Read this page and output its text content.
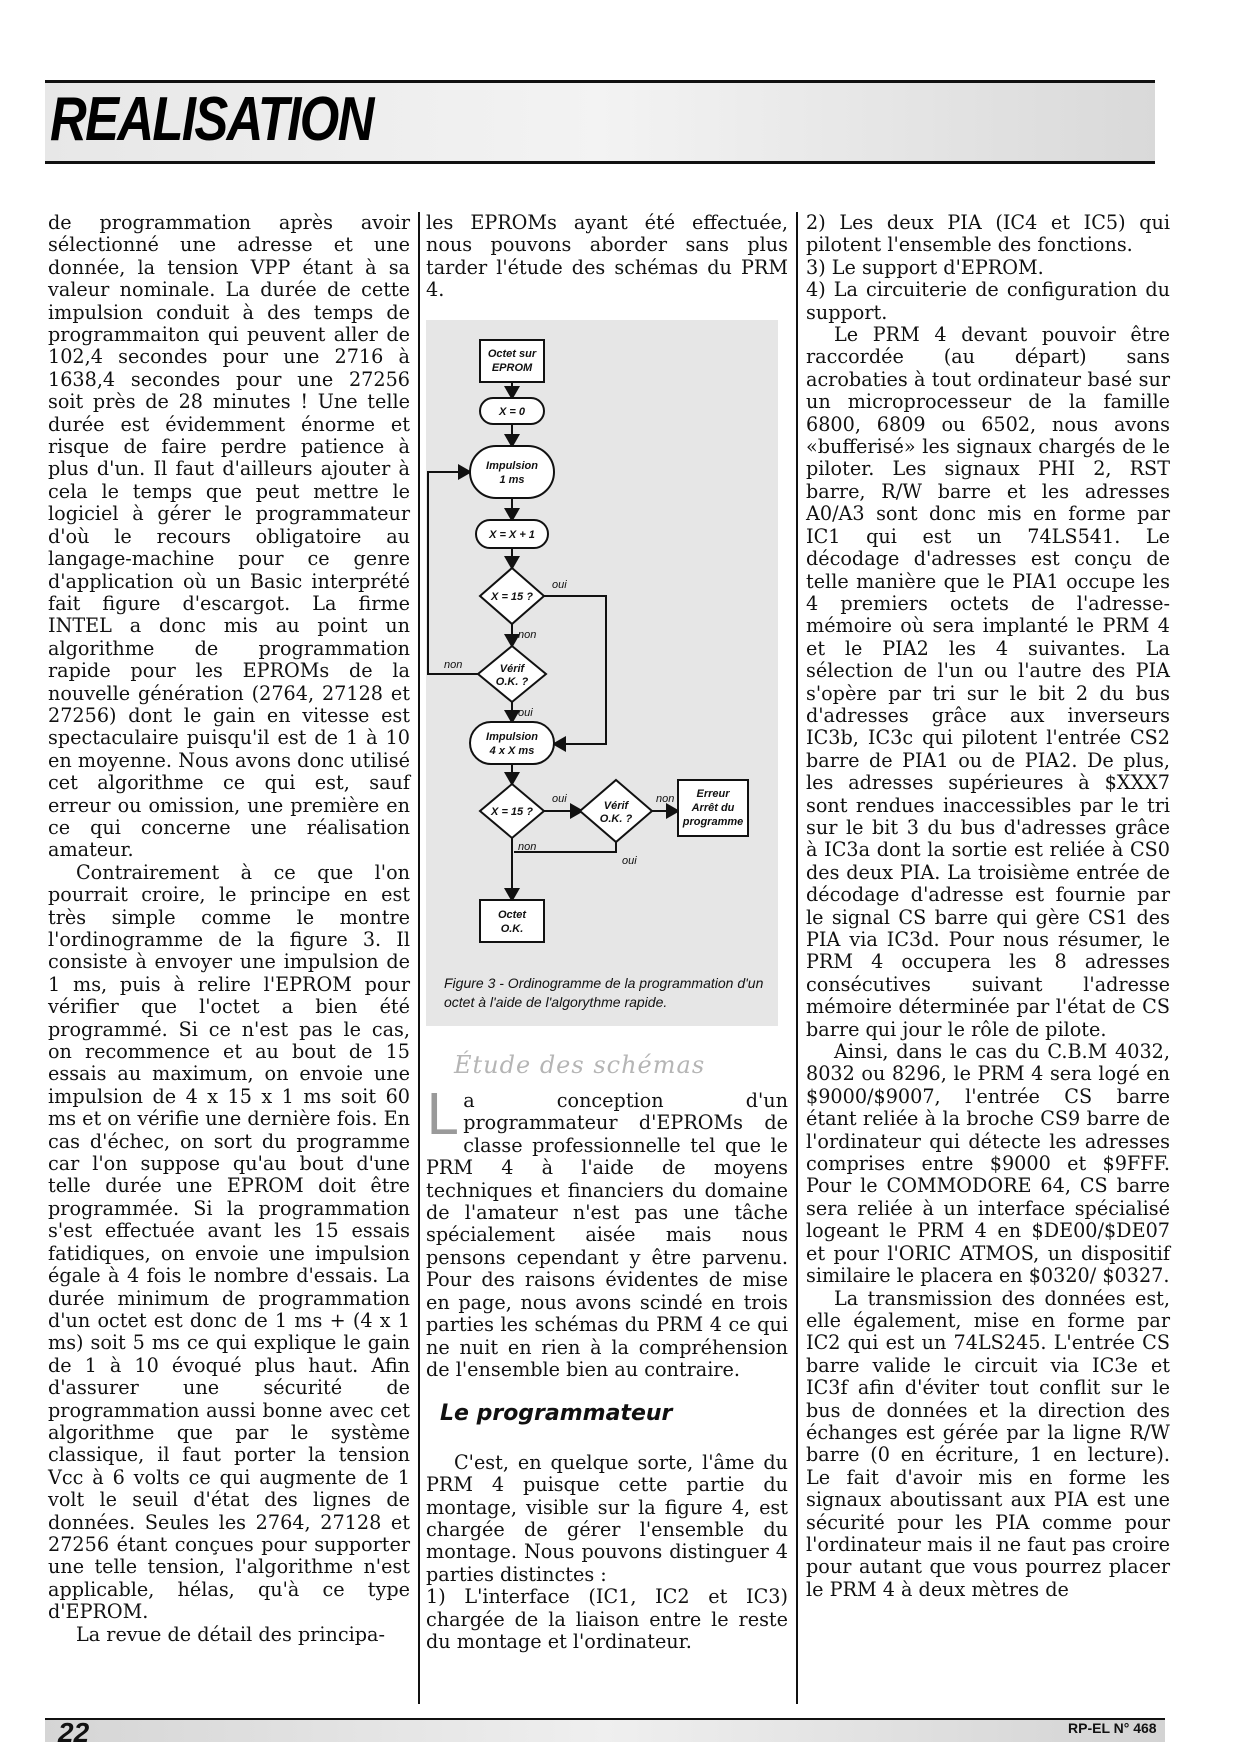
REALISATION

de programmation après avoir sélectionné une adresse et une donnée, la tension VPP étant à sa valeur nominale. La durée de cette impulsion conduit à des temps de programmaiton qui peuvent aller de 102,4 secondes pour une 2716 à 1638,4 secondes pour une 27256 soit près de 28 minutes ! Une telle durée est évidemment énorme et risque de faire perdre patience à plus d'un. Il faut d'ailleurs ajouter à cela le temps que peut mettre le logiciel à gérer le programmateur d'où le recours obligatoire au langage-machine pour ce genre d'application où un Basic interprété fait figure d'escargot. La firme INTEL a donc mis au point un algorithme de programmation rapide pour les EPROMs de la nouvelle génération (2764, 27128 et 27256) dont le gain en vitesse est spectaculaire puisqu'il est de 1 à 10 en moyenne. Nous avons donc utilisé cet algorithme ce qui est, sauf erreur ou omission, une première en ce qui concerne une réalisation amateur.

Contrairement à ce que l'on pourrait croire, le principe en est très simple comme le montre l'ordinogramme de la figure 3. Il consiste à envoyer une impulsion de 1 ms, puis à relire l'EPROM pour vérifier que l'octet a bien été programmé. Si ce n'est pas le cas, on recommence et au bout de 15 essais au maximum, on envoie une impulsion de 4 x 15 x 1 ms soit 60 ms et on vérifie une dernière fois. En cas d'échec, on sort du programme car l'on suppose qu'au bout d'une telle durée une EPROM doit être programmée. Si la programmation s'est effectuée avant les 15 essais fatidiques, on envoie une impulsion égale à 4 fois le nombre d'essais. La durée minimum de programmation d'un octet est donc de 1 ms + (4 x 1 ms) soit 5 ms ce qui explique le gain de 1 à 10 évoqué plus haut. Afin d'assurer une sécurité de programmation aussi bonne avec cet algorithme que par le système classique, il faut porter la tension Vcc à 6 volts ce qui augmente de 1 volt le seuil d'état des lignes de données. Seules les 2764, 27128 et 27256 étant conçues pour supporter une telle tension, l'algorithme n'est applicable, hélas, qu'à ce type d'EPROM.

La revue de détail des principa-

les EPROMs ayant été effectuée, nous pouvons aborder sans plus tarder l'étude des schémas du PRM 4.

Octet sur
EPROM
X = 0
Impulsion
1 ms
X = X + 1
X = 15 ?
Vérif
O.K. ?
Impulsion
4 x X ms
X = 15 ?	Vérif
O.K. ?
Erreur
Arrêt du
programme
Octet
O.K.
oui
non
non
oui
oui	non
non
oui
Figure 3 - Ordinogramme de la programmation d'un octet à l'aide de l'algorythme rapide.
Étude des schémas

La conception d'un programmateur d'EPROMs de classe professionnelle tel que le PRM 4 à l'aide de moyens techniques et financiers du domaine de l'amateur n'est pas une tâche spécialement aisée mais nous pensons cependant y être parvenu. Pour des raisons évidentes de mise en page, nous avons scindé en trois parties les schémas du PRM 4 ce qui ne nuit en rien à la compréhension de l'ensemble bien au contraire.

Le programmateur

C'est, en quelque sorte, l'âme du PRM 4 puisque cette partie du montage, visible sur la figure 4, est chargée de gérer l'ensemble du montage. Nous pouvons distinguer 4 parties distinctes :

1) L'interface (IC1, IC2 et IC3) chargée de la liaison entre le reste du montage et l'ordinateur.

2) Les deux PIA (IC4 et IC5) qui pilotent l'ensemble des fonctions.

3) Le support d'EPROM.

4) La circuiterie de configuration du support.

Le PRM 4 devant pouvoir être raccordée (au départ) sans acrobaties à tout ordinateur basé sur un microprocesseur de la famille 6800, 6809 ou 6502, nous avons «bufferisé» les signaux chargés de le piloter. Les signaux PHI 2, RST barre, R/W barre et les adresses A0/A3 sont donc mis en forme par IC1 qui est un 74LS541. Le décodage d'adresses est conçu de telle manière que le PIA1 occupe les 4 premiers octets de l'adresse-mémoire où sera implanté le PRM 4 et le PIA2 les 4 suivantes. La sélection de l'un ou l'autre des PIA s'opère par tri sur le bit 2 du bus d'adresses grâce aux inverseurs IC3b, IC3c qui pilotent l'entrée CS2 barre de PIA1 ou de PIA2. De plus, les adresses supérieures à $XXX7 sont rendues inaccessibles par le tri sur le bit 3 du bus d'adresses grâce à IC3a dont la sortie est reliée à CS0 des deux PIA. La troisième entrée de décodage d'adresse est fournie par le signal CS barre qui gère CS1 des PIA via IC3d. Pour nous résumer, le PRM 4 occupera les 8 adresses consécutives suivant l'adresse mémoire déterminée par l'état de CS barre qui jour le rôle de pilote.

Ainsi, dans le cas du C.B.M 4032, 8032 ou 8296, le PRM 4 sera logé en $9000/$9007, l'entrée CS barre étant reliée à la broche CS9 barre de l'ordinateur qui détecte les adresses comprises entre $9000 et $9FFF. Pour le COMMODORE 64, CS barre sera reliée à un interface spécialisé logeant le PRM 4 en $DE00/$DE07 et pour l'ORIC ATMOS, un dispositif similaire le placera en $0320/ $0327.

La transmission des données est, elle également, mise en forme par IC2 qui est un 74LS245. L'entrée CS barre valide le circuit via IC3e et IC3f afin d'éviter tout conflit sur le bus de données et la direction des échanges est gérée par la ligne R/W barre (0 en écriture, 1 en lecture). Le fait d'avoir mis en forme les signaux aboutissant aux PIA est une sécurité pour les PIA comme pour l'ordinateur mais il ne faut pas croire pour autant que vous pourrez placer le PRM 4 à deux mètres de

22	RP-EL N° 468
